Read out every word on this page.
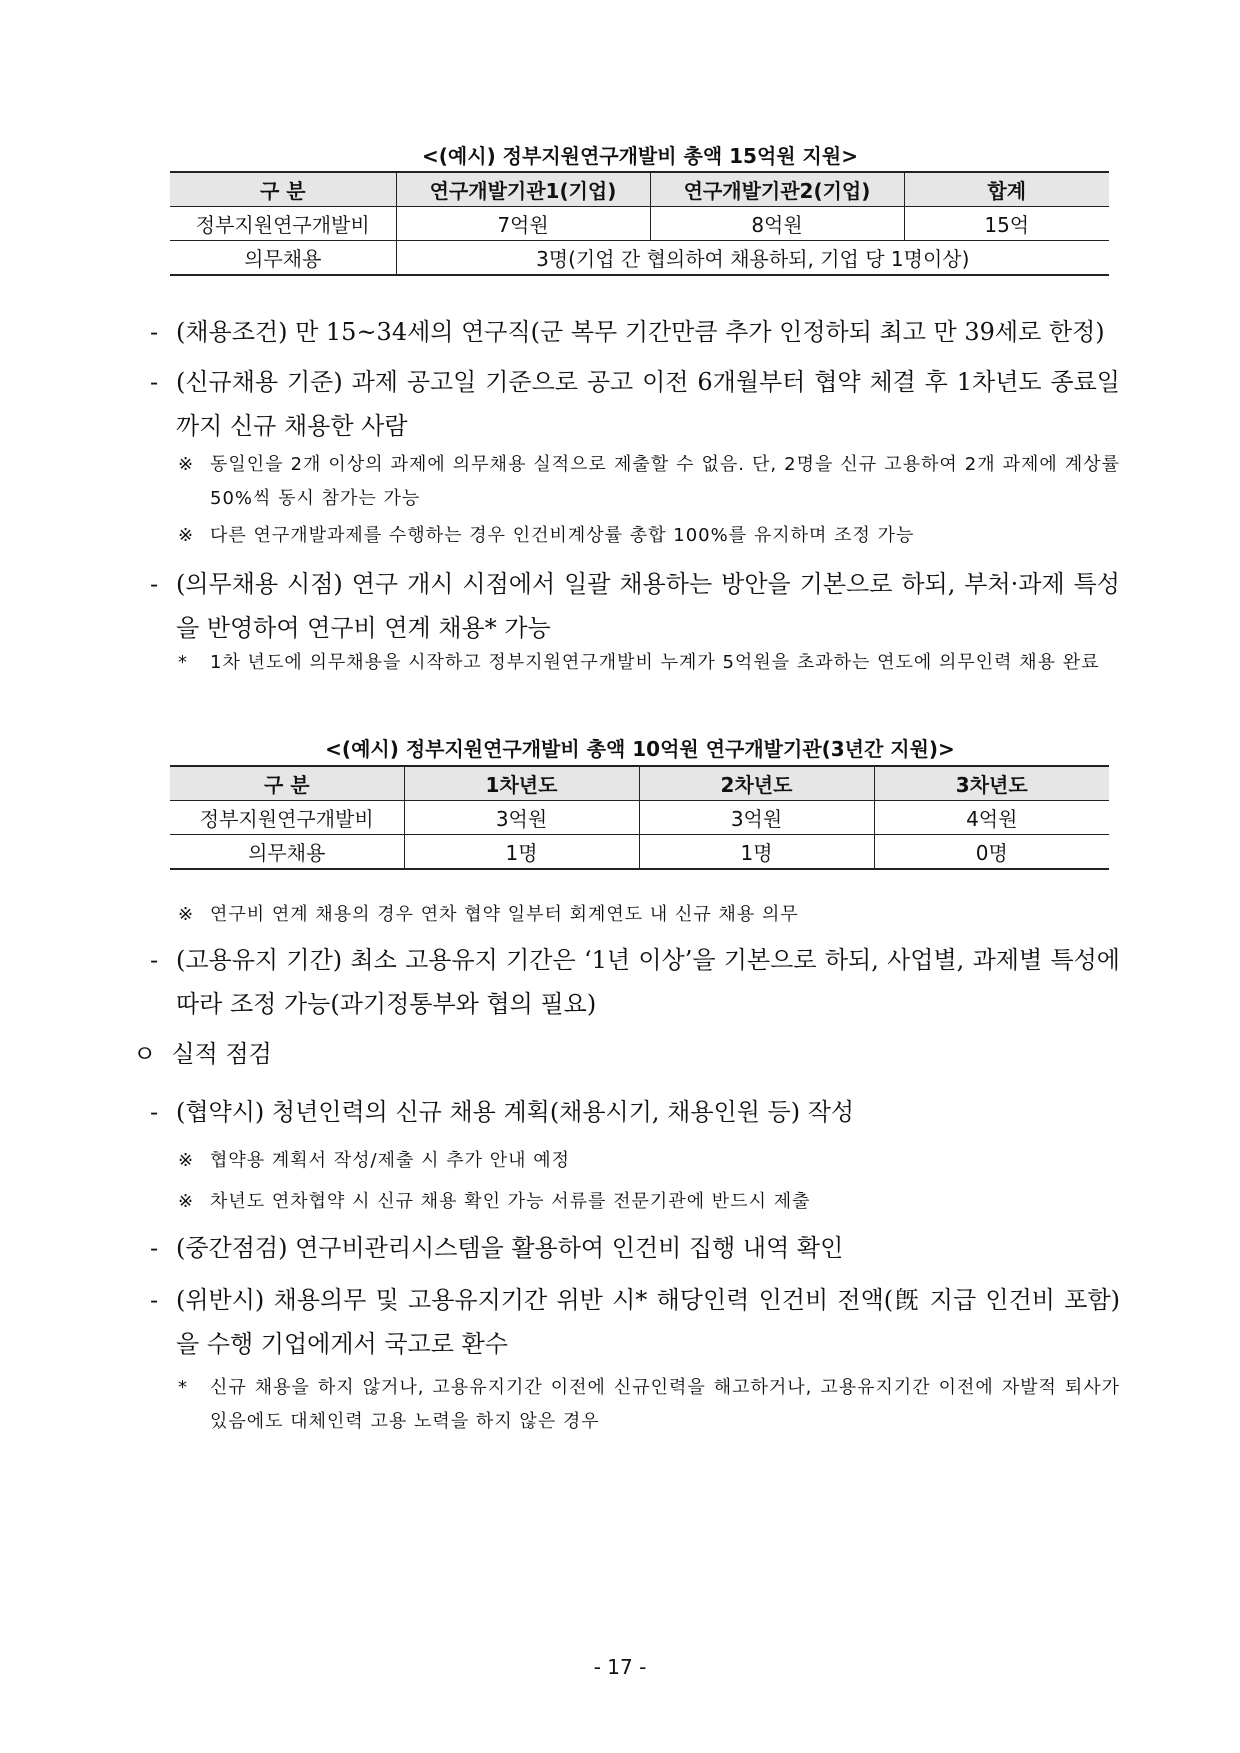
<(예시) 정부지원연구개발비 총액 15억원 지원>
구 분	연구개발기관1(기업)	연구개발기관2(기업)	합계
정부지원연구개발비	7억원	8억원	15억
의무채용	3명(기업 간 협의하여 채용하되, 기업 당 1명이상)		
- (채용조건) 만 15~34세의 연구직(군 복무 기간만큼 추가 인정하되 최고 만 39세로 한정)
- (신규채용 기준) 과제 공고일 기준으로 공고 이전 6개월부터 협약 체결 후 1차년도 종료일까지 신규 채용한 사람
※ 동일인을 2개 이상의 과제에 의무채용 실적으로 제출할 수 없음. 단, 2명을 신규 고용하여 2개 과제에 계상률 50%씩 동시 참가는 가능
※ 다른 연구개발과제를 수행하는 경우 인건비계상률 총합 100%를 유지하며 조정 가능
- (의무채용 시점) 연구 개시 시점에서 일괄 채용하는 방안을 기본으로 하되, 부처·과제 특성을 반영하여 연구비 연계 채용* 가능
*	1차 년도에 의무채용을 시작하고 정부지원연구개발비 누계가 5억원을 초과하는 연도에 의무인력 채용 완료
<(예시) 정부지원연구개발비 총액 10억원 연구개발기관(3년간 지원)>
구 분	1차년도	2차년도	3차년도
정부지원연구개발비	3억원	3억원	4억원
의무채용	1명	1명	0명
※ 연구비 연계 채용의 경우 연차 협약 일부터 회계연도 내 신규 채용 의무
- (고용유지 기간) 최소 고용유지 기간은 ‘1년 이상’을 기본으로 하되, 사업별, 과제별 특성에 따라 조정 가능(과기정통부와 협의 필요)
ㅇ 실적 점검
- (협약시) 청년인력의 신규 채용 계획(채용시기, 채용인원 등) 작성
※ 협약용 계획서 작성/제출 시 추가 안내 예정
※ 차년도 연차협약 시 신규 채용 확인 가능 서류를 전문기관에 반드시 제출
- (중간점검) 연구비관리시스템을 활용하여 인건비 집행 내역 확인
- (위반시) 채용의무 및 고용유지기간 위반 시* 해당인력 인건비 전액(旣 지급 인건비 포함)을 수행 기업에게서 국고로 환수
*	신규 채용을 하지 않거나, 고용유지기간 이전에 신규인력을 해고하거나, 고용유지기간 이전에 자발적 퇴사가 있음에도 대체인력 고용 노력을 하지 않은 경우
- 17 -
